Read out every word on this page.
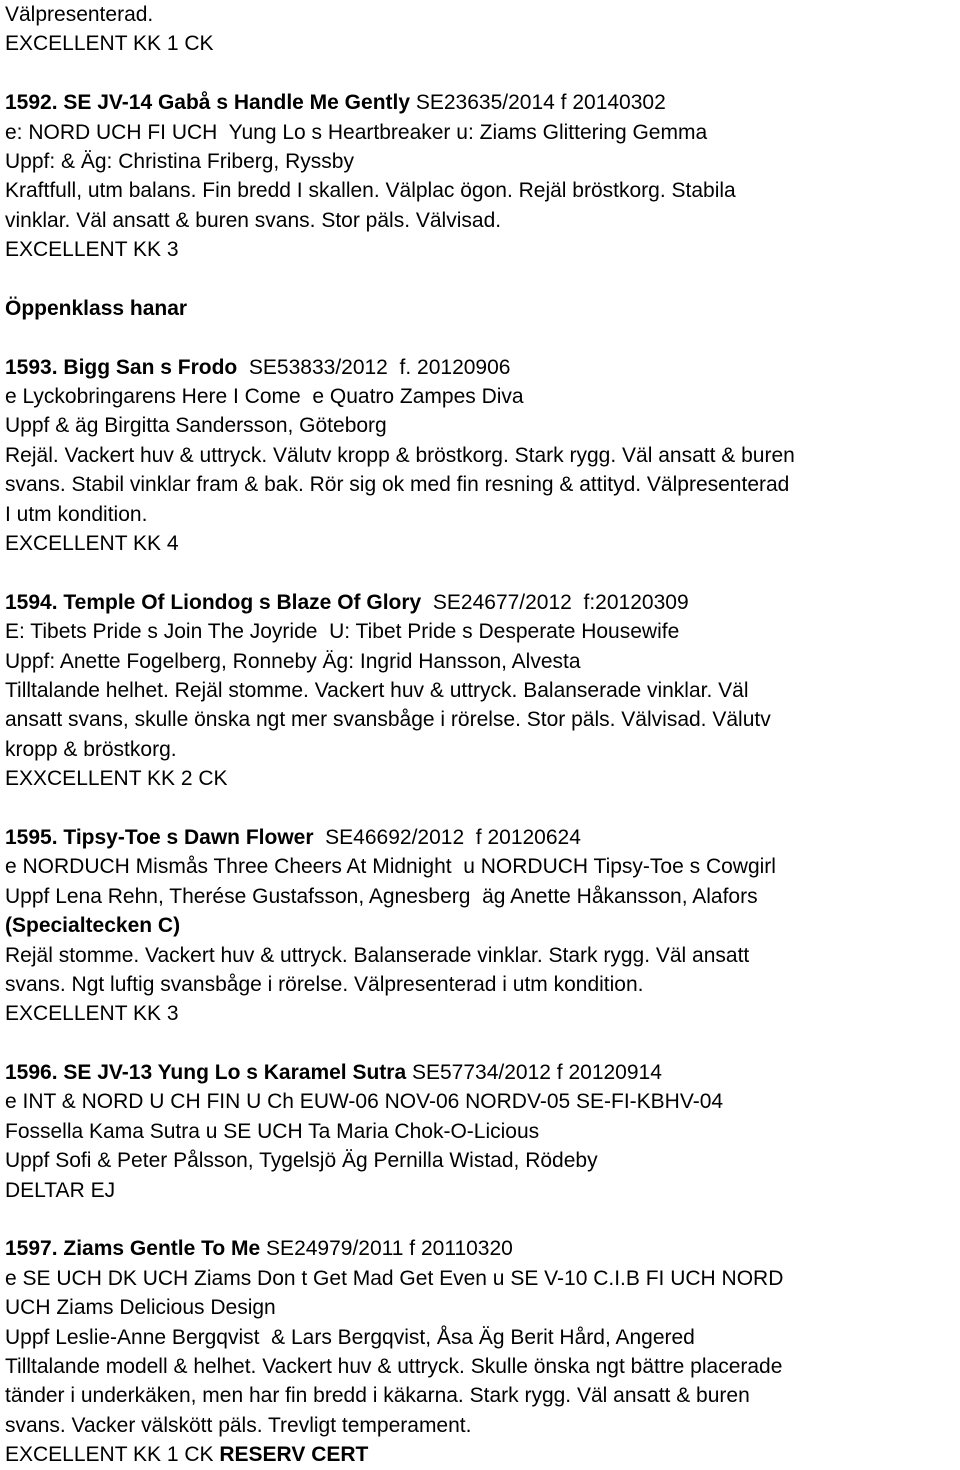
Välpresenterad.
EXCELLENT KK 1 CK
1592. SE JV-14 Gabå s Handle Me Gently SE23635/2014 f 20140302
e: NORD UCH FI UCH  Yung Lo s Heartbreaker u: Ziams Glittering Gemma
Uppf: & Äg: Christina Friberg, Ryssby
Kraftfull, utm balans. Fin bredd I skallen. Välplac ögon. Rejäl bröstkorg. Stabila
vinklar. Väl ansatt & buren svans. Stor päls. Välvisad.
EXCELLENT KK 3
Öppenklass hanar
1593. Bigg San s Frodo  SE53833/2012  f. 20120906
e Lyckobringarens Here I Come  e Quatro Zampes Diva
Uppf & äg Birgitta Sandersson, Göteborg
Rejäl. Vackert huv & uttryck. Välutv kropp & bröstkorg. Stark rygg. Väl ansatt & buren
svans. Stabil vinklar fram & bak. Rör sig ok med fin resning & attityd. Välpresenterad
I utm kondition.
EXCELLENT KK 4
1594. Temple Of Liondog s Blaze Of Glory  SE24677/2012  f:20120309
E: Tibets Pride s Join The Joyride  U: Tibet Pride s Desperate Housewife
Uppf: Anette Fogelberg, Ronneby Äg: Ingrid Hansson, Alvesta
Tilltalande helhet. Rejäl stomme. Vackert huv & uttryck. Balanserade vinklar. Väl
ansatt svans, skulle önska ngt mer svansbåge i rörelse. Stor päls. Välvisad. Välutv
kropp & bröstkorg.
EXXCELLENT KK 2 CK
1595. Tipsy-Toe s Dawn Flower  SE46692/2012  f 20120624
e NORDUCH Mismås Three Cheers At Midnight  u NORDUCH Tipsy-Toe s Cowgirl
Uppf Lena Rehn, Therése Gustafsson, Agnesberg  äg Anette Håkansson, Alafors
(Specialtecken C)
Rejäl stomme. Vackert huv & uttryck. Balanserade vinklar. Stark rygg. Väl ansatt
svans. Ngt luftig svansbåge i rörelse. Välpresenterad i utm kondition.
EXCELLENT KK 3
1596. SE JV-13 Yung Lo s Karamel Sutra SE57734/2012 f 20120914
e INT & NORD U CH FIN U Ch EUW-06 NOV-06 NORDV-05 SE-FI-KBHV-04
Fossella Kama Sutra u SE UCH Ta Maria Chok-O-Licious
Uppf Sofi & Peter Pålsson, Tygelsjö Äg Pernilla Wistad, Rödeby
DELTAR EJ
1597. Ziams Gentle To Me SE24979/2011 f 20110320
e SE UCH DK UCH Ziams Don t Get Mad Get Even u SE V-10 C.I.B FI UCH NORD
UCH Ziams Delicious Design
Uppf Leslie-Anne Bergqvist  & Lars Bergqvist, Åsa Äg Berit Hård, Angered
Tilltalande modell & helhet. Vackert huv & uttryck. Skulle önska ngt bättre placerade
tänder i underkäken, men har fin bredd i käkarna. Stark rygg. Väl ansatt & buren
svans. Vacker välskött päls. Trevligt temperament.
EXCELLENT KK 1 CK RESERV CERT
